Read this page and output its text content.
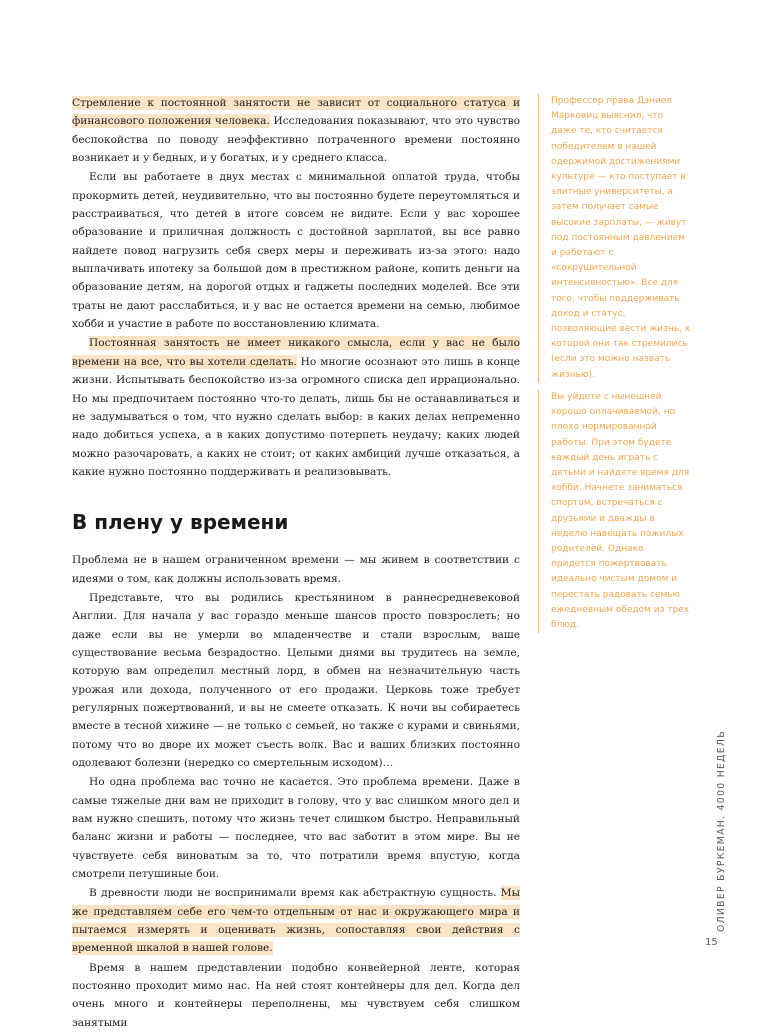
Стремление к постоянной занятости не зависит от социального статуса и финансового положения человека. Исследования показывают, что это чувство беспокойства по поводу неэффективно потраченного времени постоянно возникает и у бедных, и у богатых, и у среднего класса.

Если вы работаете в двух местах с минимальной оплатой труда, чтобы прокормить детей, неудивительно, что вы постоянно будете переутомляться и расстраиваться, что детей в итоге совсем не видите. Если у вас хорошее образование и приличная должность с достойной зарплатой, вы все равно найдете повод нагрузить себя сверх меры и переживать из-за этого: надо выплачивать ипотеку за большой дом в престижном районе, копить деньги на образование детям, на дорогой отдых и гаджеты последних моделей. Все эти траты не дают расслабиться, и у вас не остается времени на семью, любимое хобби и участие в работе по восстановлению климата.

Постоянная занятость не имеет никакого смысла, если у вас не было времени на все, что вы хотели сделать. Но многие осознают это лишь в конце жизни. Испытывать беспокойство из-за огромного списка дел иррационально. Но мы предпочитаем постоянно что-то делать, лишь бы не останавливаться и не задумываться о том, что нужно сделать выбор: в каких делах непременно надо добиться успеха, а в каких допустимо потерпеть неудачу; каких людей можно разочаровать, а каких не стоит; от каких амбиций лучше отказаться, а какие нужно постоянно поддерживать и реализовывать.

В плену у времени

Проблема не в нашем ограниченном времени — мы живем в соответствии с идеями о том, как должны использовать время.

Представьте, что вы родились крестьянином в раннесредневековой Англии. Для начала у вас гораздо меньше шансов просто повзрослеть; но даже если вы не умерли во младенчестве и стали взрослым, ваше существование весьма безрадостно. Целыми днями вы трудитесь на земле, которую вам определил местный лорд, в обмен на незначительную часть урожая или дохода, полученного от его продажи. Церковь тоже требует регулярных пожертвований, и вы не смеете отказать. К ночи вы собираетесь вместе в тесной хижине — не только с семьей, но также с курами и свиньями, потому что во дворе их может съесть волк. Вас и ваших близких постоянно одолевают болезни (нередко со смертельным исходом)…

Но одна проблема вас точно не касается. Это проблема времени. Даже в самые тяжелые дни вам не приходит в голову, что у вас слишком много дел и вам нужно спешить, потому что жизнь течет слишком быстро. Неправильный баланс жизни и работы — последнее, что вас заботит в этом мире. Вы не чувствуете себя виноватым за то, что потратили время впустую, когда смотрели петушиные бои.

В древности люди не воспринимали время как абстрактную сущность. Мы же представляем себе его чем-то отдельным от нас и окружающего мира и пытаемся измерять и оценивать жизнь, сопоставляя свои действия с временной шкалой в нашей голове.

Время в нашем представлении подобно конвейерной ленте, которая постоянно проходит мимо нас. На ней стоят контейнеры для дел. Когда дел очень много и контейнеры переполнены, мы чувствуем себя слишком занятыми

Профессор права Дэниел Марковиц выяснил, что даже те, кто считается победителем в нашей одержимой достижениями культуре — кто поступает в элитные университеты, а затем получает самые высокие зарплаты, — живут под постоянным давлением и работают с «сокрушительной интенсивностью». Все для того, чтобы поддерживать доход и статус, позволяющие вести жизнь, к которой они так стремились (если это можно назвать жизнью).
Вы уйдете с нынешней хорошо оплачиваемой, но плохо нормированной работы. При этом будете каждый день играть с детьми и найдете время для хобби. Начнете заниматься спортом, встречаться с друзьями и дважды в неделю навещать пожилых родителей. Однако придется пожертвовать идеально чистым домом и перестать радовать семью ежедневным обедом из трех блюд.
ОЛИВЕР БУРКЕМАН. 4000 НЕДЕЛЬ
15
